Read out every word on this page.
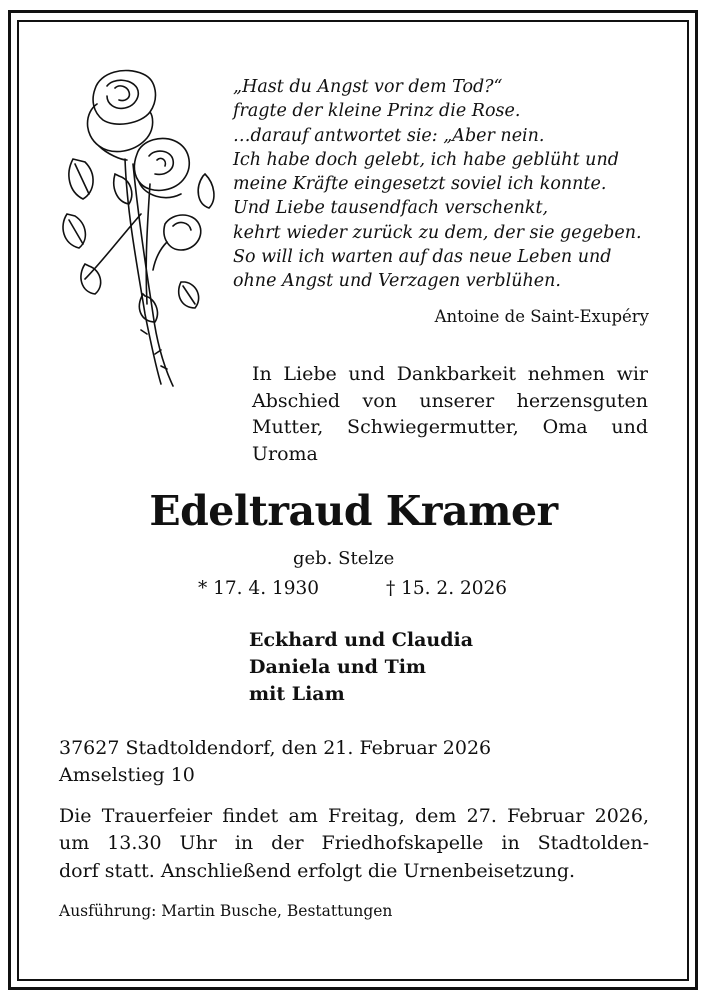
„Hast du Angst vor dem Tod?“
fragte der kleine Prinz die Rose.
…darauf antwortet sie: „Aber nein.
Ich habe doch gelebt, ich habe geblüht und
meine Kräfte eingesetzt soviel ich konnte.
Und Liebe tausendfach verschenkt,
kehrt wieder zurück zu dem, der sie gegeben.
So will ich warten auf das neue Leben und
ohne Angst und Verzagen verblühen.
Antoine de Saint-Exupéry
In Liebe und Dankbarkeit nehmen wir
Abschied von unserer herzensguten
Mutter, Schwiegermutter, Oma und
Uroma
Edeltraud Kramer
geb. Stelze
* 17. 4. 1930	† 15. 2. 2026
Eckhard und Claudia
Daniela und Tim
mit Liam
37627 Stadtoldendorf, den 21. Februar 2026
Amselstieg 10
Die Trauerfeier findet am Freitag, dem 27. Februar 2026,
um 13.30 Uhr in der Friedhofskapelle in Stadtolden-
dorf statt. Anschließend erfolgt die Urnenbeisetzung.
Ausführung: Martin Busche, Bestattungen
